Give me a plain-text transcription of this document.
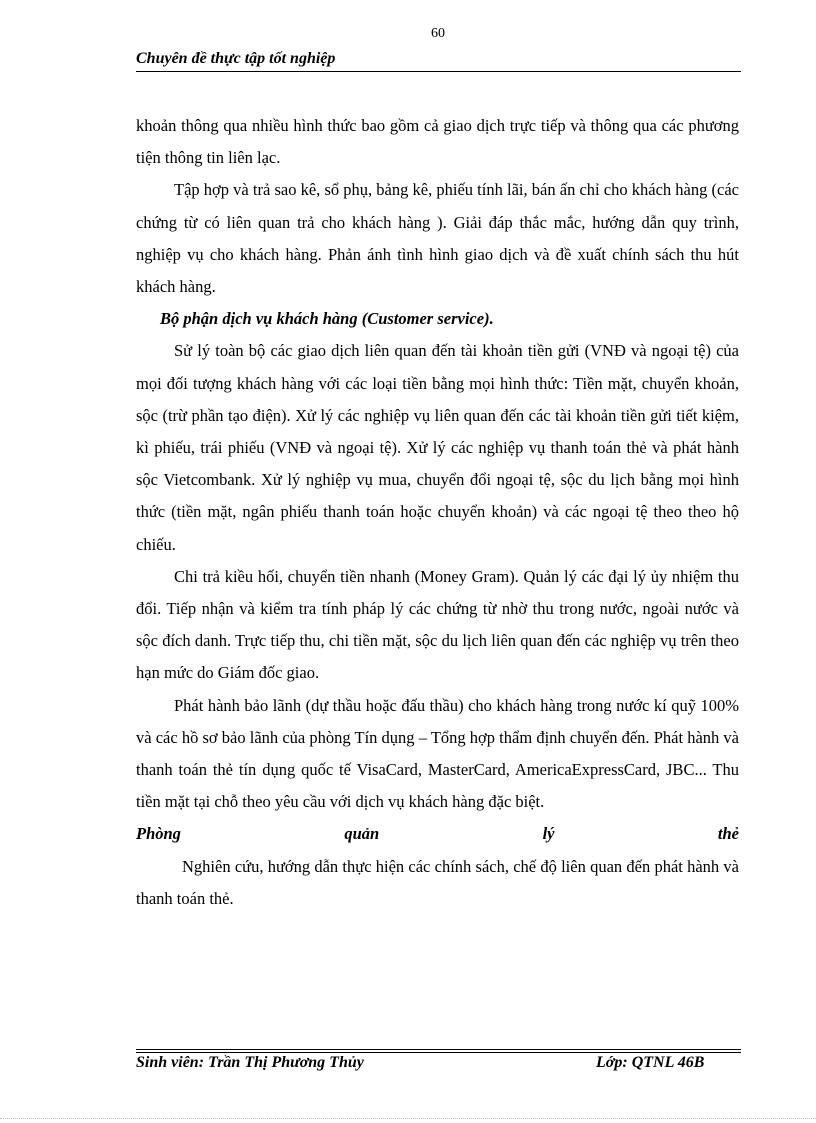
60
Chuyên đề thực tập tốt nghiệp

khoản thông qua nhiều hình thức bao gồm cả giao dịch trực tiếp và thông qua các phương tiện thông tin liên lạc.

Tập hợp và trả sao kê, sổ phụ, bảng kê, phiếu tính lãi, bán ấn chỉ cho khách hàng (các chứng từ có liên quan trả cho khách hàng ). Giải đáp thắc mắc, hướng dẫn quy trình, nghiệp vụ cho khách hàng. Phản ánh tình hình giao dịch và đề xuất chính sách thu hút khách hàng.

Bộ phận dịch vụ khách hàng (Customer service).

Sử lý toàn bộ các giao dịch liên quan đến tài khoản tiền gửi (VNĐ và ngoại tệ) của mọi đối tượng khách hàng với các loại tiền bằng mọi hình thức: Tiền mặt, chuyển khoản, sộc (trừ phần tạo điện). Xử lý các nghiệp vụ liên quan đến các tài khoản tiền gửi tiết kiệm, kì phiếu, trái phiếu (VNĐ và ngoại tệ). Xử lý các nghiệp vụ thanh toán thẻ và phát hành sộc Vietcombank. Xử lý nghiệp vụ mua, chuyển đổi ngoại tệ, sộc du lịch bằng mọi hình thức (tiền mặt, ngân phiếu thanh toán hoặc chuyển khoản) và các ngoại tệ theo theo hộ chiếu.

Chi trả kiều hối, chuyển tiền nhanh (Money Gram). Quản lý các đại lý ủy nhiệm thu đổi. Tiếp nhận và kiểm tra tính pháp lý các chứng từ nhờ thu trong nước, ngoài nước và sộc đích danh. Trực tiếp thu, chi tiền mặt, sộc du lịch liên quan đến các nghiệp vụ trên theo hạn mức do Giám đốc giao.

Phát hành bảo lãnh (dự thầu hoặc đấu thầu) cho khách hàng trong nước kí quỹ 100% và các hồ sơ bảo lãnh của phòng Tín dụng – Tổng hợp thẩm định chuyển đến. Phát hành và thanh toán thẻ tín dụng quốc tế VisaCard, MasterCard, AmericaExpressCard, JBC... Thu tiền mặt tại chỗ theo yêu cầu với dịch vụ khách hàng đặc biệt.

Phòng quản lý thẻ

Nghiên cứu, hướng dẫn thực hiện các chính sách, chế độ liên quan đến phát hành và thanh toán thẻ.

Sinh viên: Trần Thị Phương Thủy	Lớp: QTNL 46B
